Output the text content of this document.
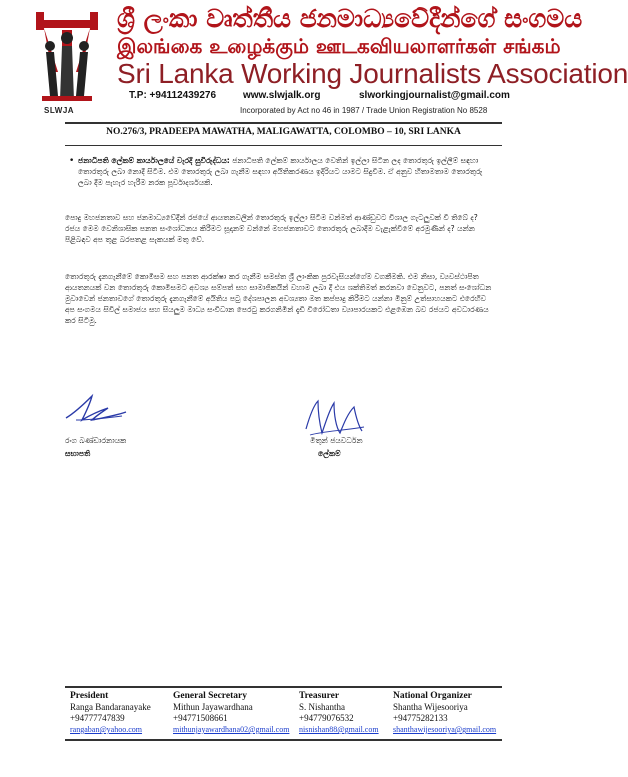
SLWJA
ශ්‍රී ලංකා වෘත්තීය ජනමාධ්‍යවේදීන්ගේ සංගමය
இலங்கை உழைக்கும் ஊடகவியலாளர்கள் சங்கம்
Sri Lanka Working Journalists Association
T.P: +94112439276	www.slwjalk.org	slworkingjournalist@gmail.com
Incorporated by Act no 46 in 1987 / Trade Union Registration No 8528
NO.276/3, PRADEEPA MAWATHA, MALIGAWATTA, COLOMBO – 10, SRI LANKA
• ජනාධිපති ලේකම් කාර්යාලයේ වැරදි සුවිරුද්ධය: ජනාධිපති ලේකම් කාර්යාලය වෙතින් ඉල්ලා සිටින ලද තොරතුරු ඉල්ලීම් සඳහා තොරතුරු ලබා නොදී සිටීම. එම තොරතුරු ලබා ගැනීම සඳහා අයිතිකරණය ඉදිරියට යාමට සිදුවීම. ඒ අනුව හිතාමතාම තොරතුරු ලබා දීම පැහැර හැරීම නරක පූර්වාදර්ශයකි.
පොදු මහජනතාව සහ ජනමාධ්‍යවේදීන් රජයේ ආයතනවලින් තොරතුරු ඉල්ලා සිටීම වන්මත් ආණ්ඩුවට විශාල ගැටලුවක් වී තිබේ ද? රජය මෙම වෙනිශාසික පනත සංශෝධනය කිරීමට සූදානම් වන්නේ මහජනතාවට තොරතුරු ලබාදීම වැළැක්වීමේ අරමුණින් ද? යන්න පිළිබඳව අප තුළ බරපතළ සැකයක් මතු වේ.
තොරතුරු දැනගැනීමේ කොමිසම සහ පනත ආරක්ෂා කර ගැනීම සමස්ත ශ්‍රී ලාංකික පුරවැසියන්ගේම වගකීමකි. එම නිසා, ව්‍යවස්ථාපිත ආයතනයක් වන තොරතුරු කොමිසමට අවශ්‍ය සම්පත් සහ සාමාජිකයින් වහාම ලබා දී එය ශක්තිමත් කරනවා වෙනුවට, පනත් සංශෝධන මුවාවෙන් ජනතාවගේ තොරතුරු දැනගැනීමේ අයිතිය පටු දේශපාලන අවශ්‍යතා මත කප්පාදු කිරීමට යන්නා මිනුම් උත්සාහයකට එරෙහිව අප සංගමය සිවිල් සමාජය සහ සියලුම මාධ්‍ය සංවිධාන පෙරටු කරගනිමින් දැඩි විරෝධතා ව්‍යාපාරයකට එළඹෙන බව රජයට අවධාරණය කර සිටිමු.
රංග බණ්ඩාරනායක
සභාපති
මිතුන් ජයවර්ධන
ලේකම්
President
Ranga Bandaranayake
+94777747839
rangaban@yahoo.com
General Secretary
Mithun Jayawardhana
+94771508661
mithunjayawardhana02@gmail.com
Treasurer
S. Nishantha
+94779076532
nisnishan88@gmail.com
National Organizer
Shantha Wijesooriya
+94775282133
shanthawijesooriya@gmail.com
